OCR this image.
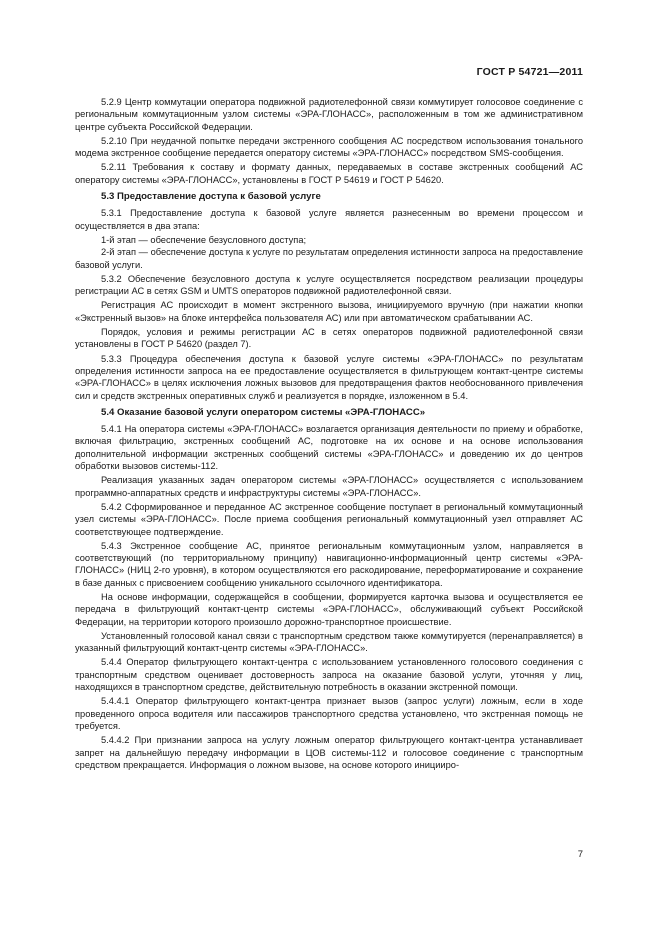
ГОСТ Р 54721—2011

5.2.9 Центр коммутации оператора подвижной радиотелефонной связи коммутирует голосовое соединение с региональным коммутационным узлом системы «ЭРА-ГЛОНАСС», расположенным в том же административном центре субъекта Российской Федерации.

5.2.10 При неудачной попытке передачи экстренного сообщения АС посредством использования тонального модема экстренное сообщение передается оператору системы «ЭРА-ГЛОНАСС» посредством SMS-сообщения.

5.2.11 Требования к составу и формату данных, передаваемых в составе экстренных сообщений АС оператору системы «ЭРА-ГЛОНАСС», установлены в ГОСТ Р 54619 и ГОСТ Р 54620.

5.3 Предоставление доступа к базовой услуге

5.3.1 Предоставление доступа к базовой услуге является разнесенным во времени процессом и осуществляется в два этапа:

1-й этап — обеспечение безусловного доступа;

2-й этап — обеспечение доступа к услуге по результатам определения истинности запроса на предоставление базовой услуги.

5.3.2 Обеспечение безусловного доступа к услуге осуществляется посредством реализации процедуры регистрации АС в сетях GSM и UMTS операторов подвижной радиотелефонной связи.

Регистрация АС происходит в момент экстренного вызова, инициируемого вручную (при нажатии кнопки «Экстренный вызов» на блоке интерфейса пользователя АС) или при автоматическом срабатывании АС.

Порядок, условия и режимы регистрации АС в сетях операторов подвижной радиотелефонной связи установлены в ГОСТ Р 54620 (раздел 7).

5.3.3 Процедура обеспечения доступа к базовой услуге системы «ЭРА-ГЛОНАСС» по результатам определения истинности запроса на ее предоставление осуществляется в фильтрующем контакт-центре системы «ЭРА-ГЛОНАСС» в целях исключения ложных вызовов для предотвращения фактов необоснованного привлечения сил и средств экстренных оперативных служб и реализуется в порядке, изложенном в 5.4.

5.4 Оказание базовой услуги оператором системы «ЭРА-ГЛОНАСС»

5.4.1 На оператора системы «ЭРА-ГЛОНАСС» возлагается организация деятельности по приему и обработке, включая фильтрацию, экстренных сообщений АС, подготовке на их основе и на основе использования дополнительной информации экстренных сообщений системы «ЭРА-ГЛОНАСС» и доведению их до центров обработки вызовов системы-112.

Реализация указанных задач оператором системы «ЭРА-ГЛОНАСС» осуществляется с использованием программно-аппаратных средств и инфраструктуры системы «ЭРА-ГЛОНАСС».

5.4.2 Сформированное и переданное АС экстренное сообщение поступает в региональный коммутационный узел системы «ЭРА-ГЛОНАСС». После приема сообщения региональный коммутационный узел отправляет АС соответствующее подтверждение.

5.4.3 Экстренное сообщение АС, принятое региональным коммутационным узлом, направляется в соответствующий (по территориальному принципу) навигационно-информационный центр системы «ЭРА-ГЛОНАСС» (НИЦ 2-го уровня), в котором осуществляются его раскодирование, переформатирование и сохранение в базе данных с присвоением сообщению уникального ссылочного идентификатора.

На основе информации, содержащейся в сообщении, формируется карточка вызова и осуществляется ее передача в фильтрующий контакт-центр системы «ЭРА-ГЛОНАСС», обслуживающий субъект Российской Федерации, на территории которого произошло дорожно-транспортное происшествие.

Установленный голосовой канал связи с транспортным средством также коммутируется (перенаправляется) в указанный фильтрующий контакт-центр системы «ЭРА-ГЛОНАСС».

5.4.4 Оператор фильтрующего контакт-центра с использованием установленного голосового соединения с транспортным средством оценивает достоверность запроса на оказание базовой услуги, уточняя у лиц, находящихся в транспортном средстве, действительную потребность в оказании экстренной помощи.

5.4.4.1 Оператор фильтрующего контакт-центра признает вызов (запрос услуги) ложным, если в ходе проведенного опроса водителя или пассажиров транспортного средства установлено, что экстренная помощь не требуется.

5.4.4.2 При признании запроса на услугу ложным оператор фильтрующего контакт-центра устанавливает запрет на дальнейшую передачу информации в ЦОВ системы-112 и голосовое соединение с транспортным средством прекращается. Информация о ложном вызове, на основе которого иницииро-

7
